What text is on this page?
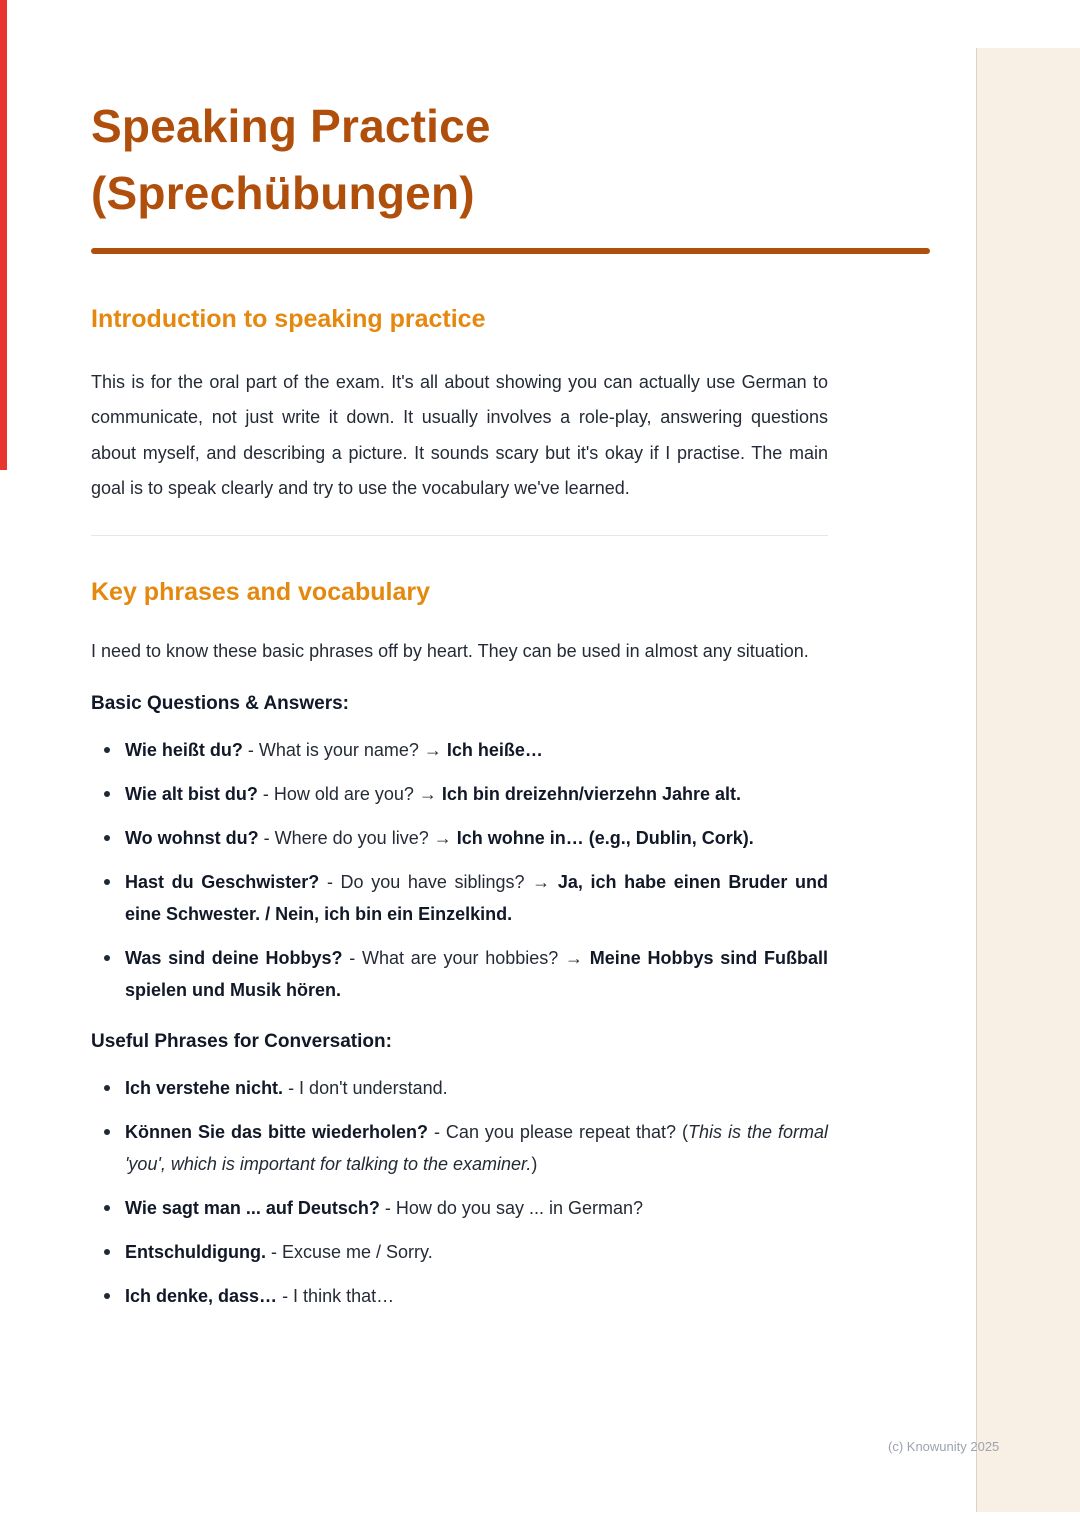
Speaking Practice (Sprechübungen)
Introduction to speaking practice

This is for the oral part of the exam. It's all about showing you can actually use German to communicate, not just write it down. It usually involves a role-play, answering questions about myself, and describing a picture. It sounds scary but it's okay if I practise. The main goal is to speak clearly and try to use the vocabulary we've learned.

Key phrases and vocabulary

I need to know these basic phrases off by heart. They can be used in almost any situation.

Basic Questions & Answers:
Wie heißt du? - What is your name? → Ich heiße…
Wie alt bist du? - How old are you? → Ich bin dreizehn/vierzehn Jahre alt.
Wo wohnst du? - Where do you live? → Ich wohne in… (e.g., Dublin, Cork).
Hast du Geschwister? - Do you have siblings? → Ja, ich habe einen Bruder und eine Schwester. / Nein, ich bin ein Einzelkind.
Was sind deine Hobbys? - What are your hobbies? → Meine Hobbys sind Fußball spielen und Musik hören.
Useful Phrases for Conversation:
Ich verstehe nicht. - I don't understand.
Können Sie das bitte wiederholen? - Can you please repeat that? (This is the formal 'you', which is important for talking to the examiner.)
Wie sagt man ... auf Deutsch? - How do you say ... in German?
Entschuldigung. - Excuse me / Sorry.
Ich denke, dass… - I think that…
(c) Knowunity 2025
